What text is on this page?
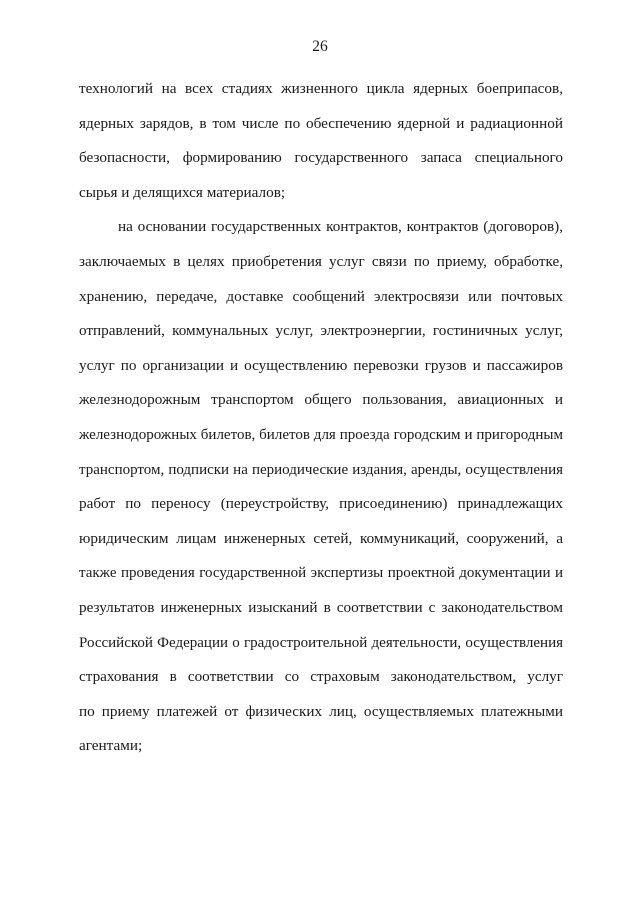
26
технологий на всех стадиях жизненного цикла ядерных боеприпасов,
ядерных зарядов, в том числе по обеспечению ядерной и радиационной
безопасности, формированию государственного запаса специального
сырья и делящихся материалов;
на основании государственных контрактов, контрактов (договоров),
заключаемых в целях приобретения услуг связи по приему, обработке,
хранению, передаче, доставке сообщений электросвязи или почтовых
отправлений, коммунальных услуг, электроэнергии, гостиничных услуг,
услуг по организации и осуществлению перевозки грузов и пассажиров
железнодорожным транспортом общего пользования, авиационных и
железнодорожных билетов, билетов для проезда городским и пригородным
транспортом, подписки на периодические издания, аренды, осуществления
работ по переносу (переустройству, присоединению) принадлежащих
юридическим лицам инженерных сетей, коммуникаций, сооружений, а
также проведения государственной экспертизы проектной документации и
результатов инженерных изысканий в соответствии с законодательством
Российской Федерации о градостроительной деятельности, осуществления
страхования в соответствии со страховым законодательством, услуг
по приему платежей от физических лиц, осуществляемых платежными
агентами;
